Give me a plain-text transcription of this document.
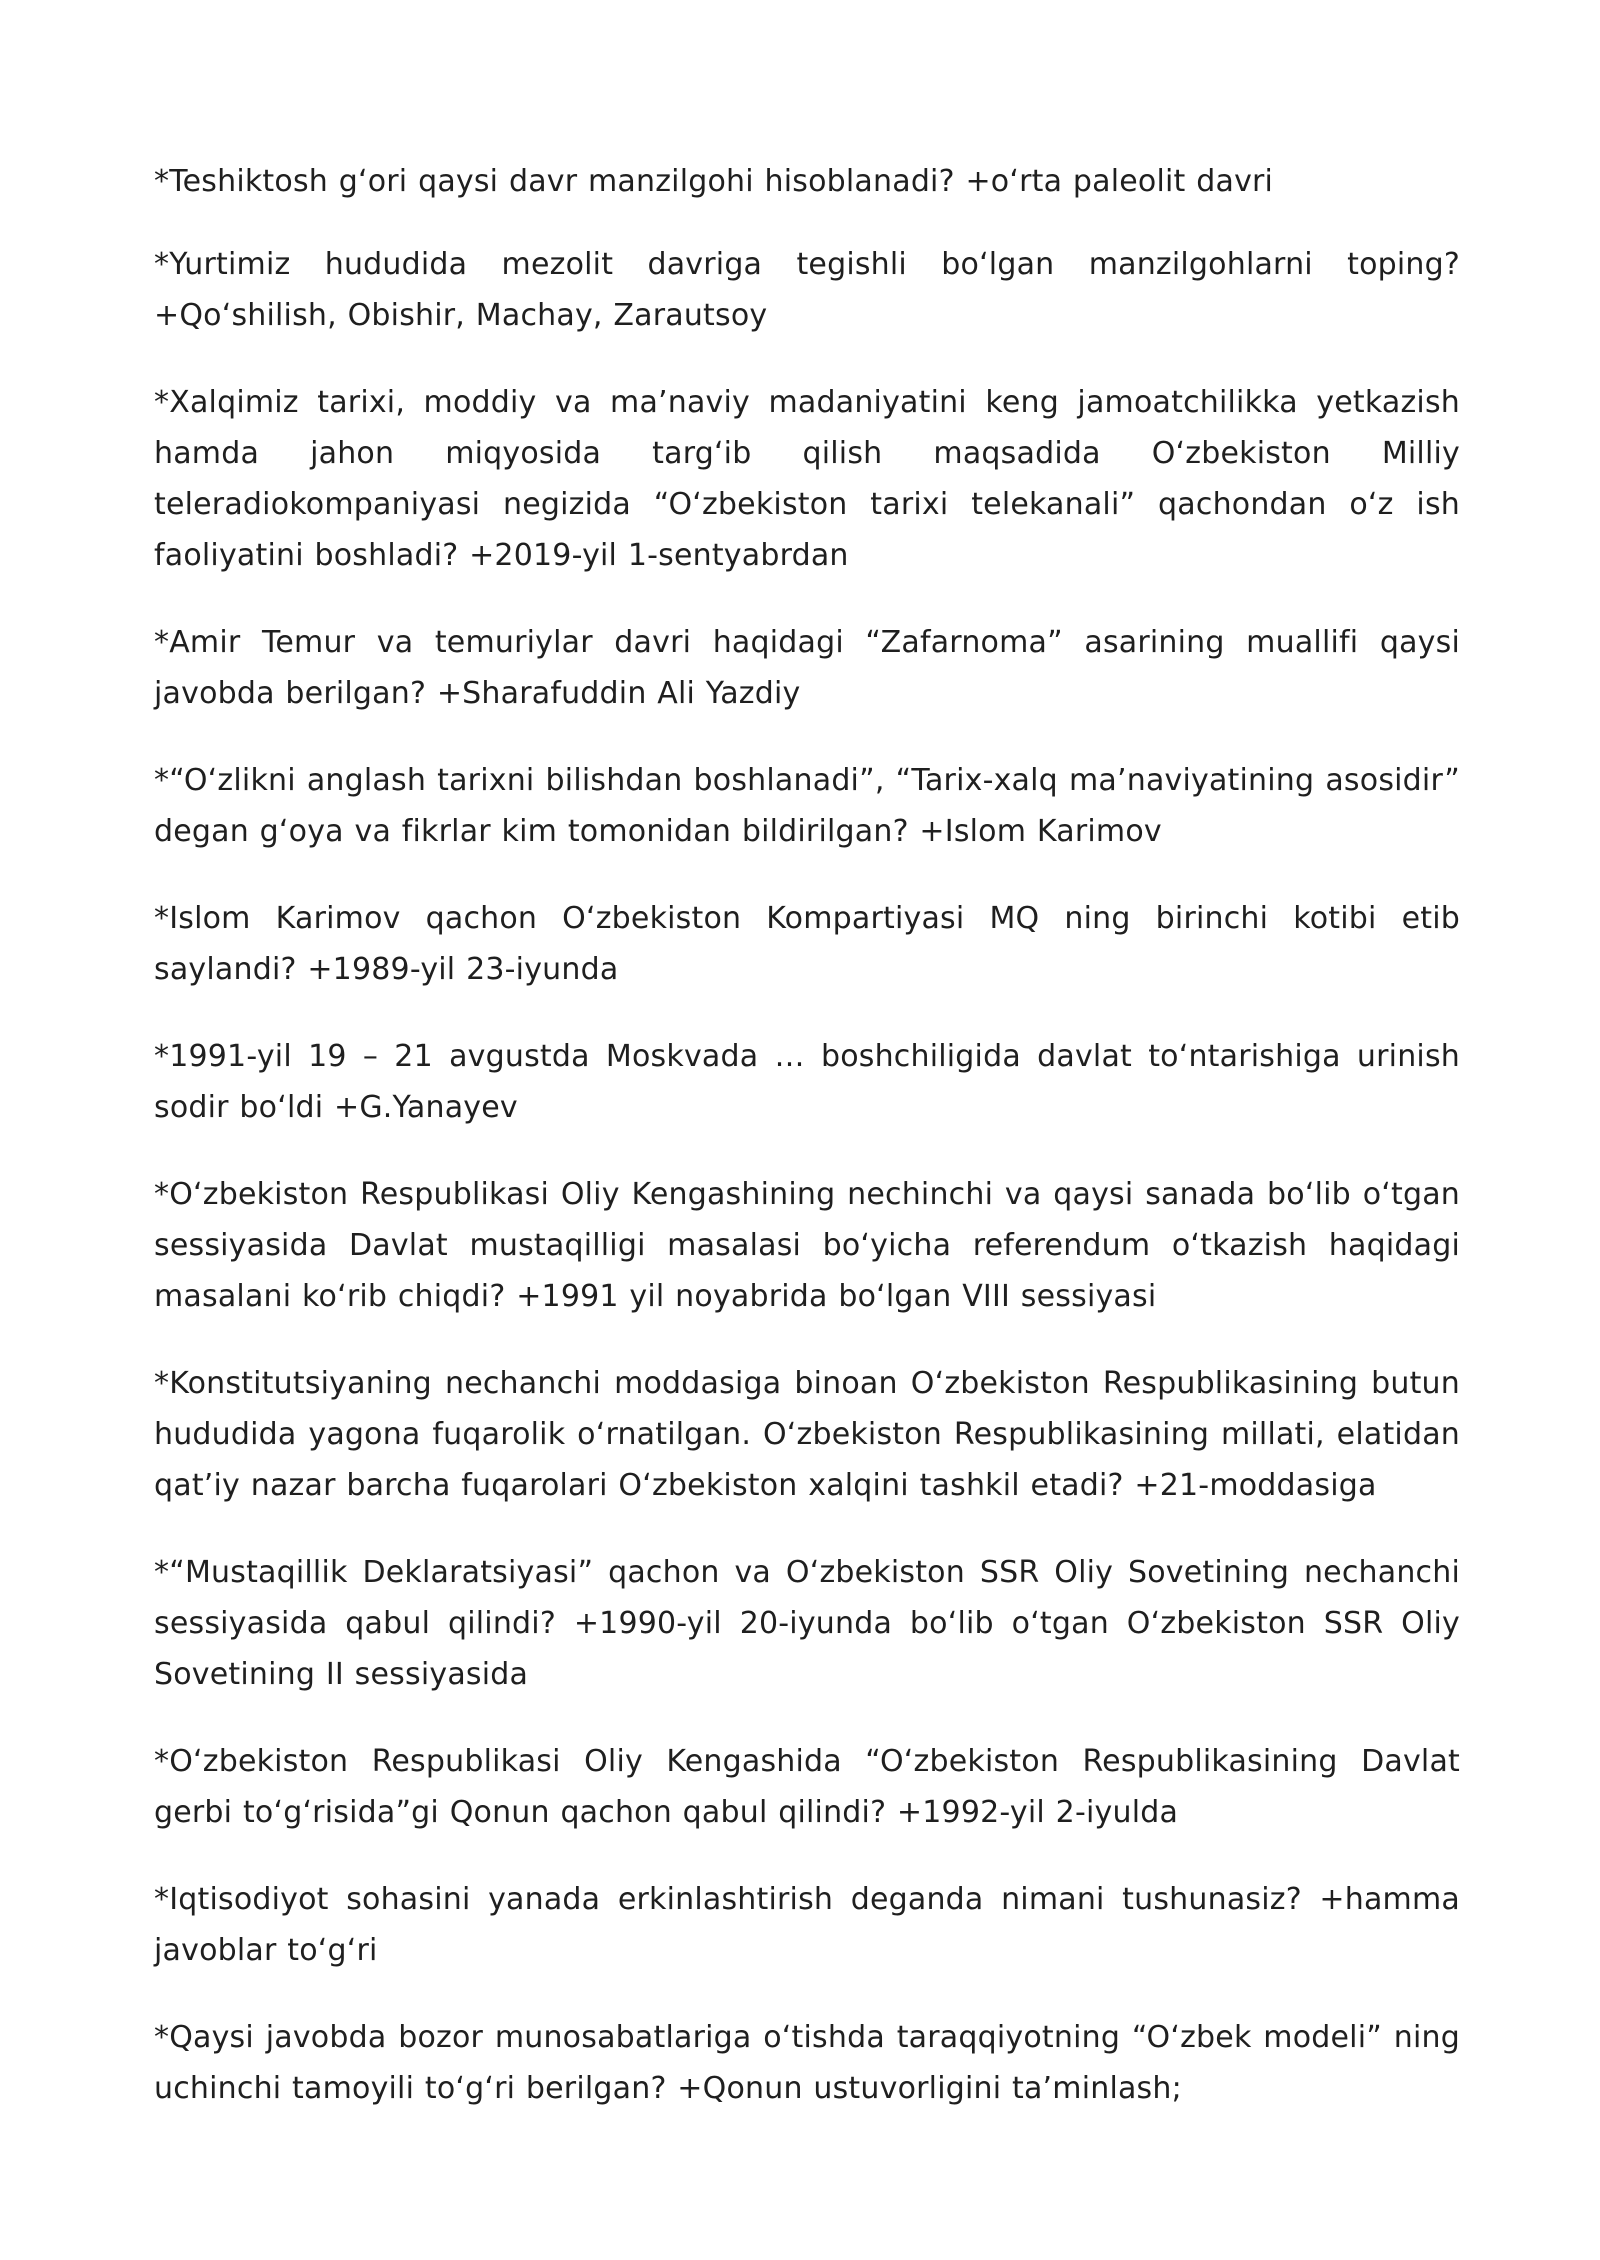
*Teshiktosh g‘ori qaysi davr manzilgohi hisoblanadi? +o‘rta paleolit davri

*Yurtimiz hududida mezolit davriga tegishli bo‘lgan manzilgohlarni toping? +Qo‘shilish, Obishir, Machay, Zarautsoy

*Xalqimiz tarixi, moddiy va ma’naviy madaniyatini keng jamoatchilikka yetkazish hamda jahon miqyosida targ‘ib qilish maqsadida O‘zbekiston Milliy teleradiokompaniyasi negizida “O‘zbekiston tarixi telekanali” qachondan o‘z ish faoliyatini boshladi? +2019-yil 1-sentyabrdan

*Amir Temur va temuriylar davri haqidagi “Zafarnoma” asarining muallifi qaysi javobda berilgan? +Sharafuddin Ali Yazdiy

*“O‘zlikni anglash tarixni bilishdan boshlanadi”, “Tarix-xalq ma’naviyatining asosidir” degan g‘oya va fikrlar kim tomonidan bildirilgan? +Islom Karimov

*Islom Karimov qachon O‘zbekiston Kompartiyasi MQ ning birinchi kotibi etib saylandi? +1989-yil 23-iyunda

*1991-yil 19 – 21 avgustda Moskvada … boshchiligida davlat to‘ntarishiga urinish sodir bo‘ldi +G.Yanayev

*O‘zbekiston Respublikasi Oliy Kengashining nechinchi va qaysi sanada bo‘lib o‘tgan sessiyasida Davlat mustaqilligi masalasi bo‘yicha referendum o‘tkazish haqidagi masalani ko‘rib chiqdi? +1991 yil noyabrida bo‘lgan VIII sessiyasi

*Konstitutsiyaning nechanchi moddasiga binoan O‘zbekiston Respublikasining butun hududida yagona fuqarolik o‘rnatilgan. O‘zbekiston Respublikasining millati, elatidan qat’iy nazar barcha fuqarolari O‘zbekiston xalqini tashkil etadi? +21-moddasiga

*“Mustaqillik Deklaratsiyasi” qachon va O‘zbekiston SSR Oliy Sovetining nechanchi sessiyasida qabul qilindi? +1990-yil 20-iyunda bo‘lib o‘tgan O‘zbekiston SSR Oliy Sovetining II sessiyasida

*O‘zbekiston Respublikasi Oliy Kengashida “O‘zbekiston Respublikasining Davlat gerbi to‘g‘risida”gi Qonun qachon qabul qilindi? +1992-yil 2-iyulda

*Iqtisodiyot sohasini yanada erkinlashtirish deganda nimani tushunasiz? +hamma javoblar to‘g‘ri

*Qaysi javobda bozor munosabatlariga o‘tishda taraqqiyotning “O‘zbek modeli” ning uchinchi tamoyili to‘g‘ri berilgan? +Qonun ustuvorligini ta’minlash;
